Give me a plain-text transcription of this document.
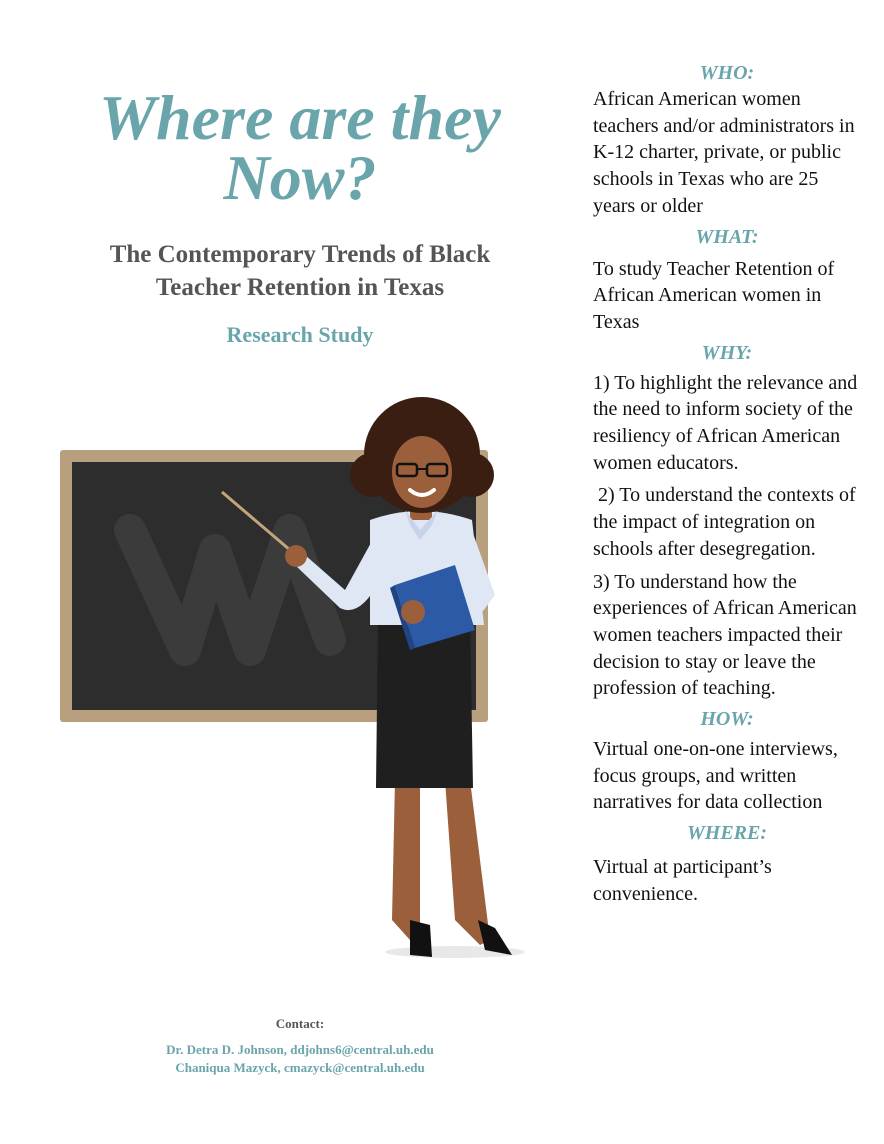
Where are they
Now?
The Contemporary Trends of Black
Teacher Retention in Texas
Research Study
Contact:
Dr. Detra D. Johnson, ddjohns6@central.uh.edu
Chaniqua Mazyck, cmazyck@central.uh.edu
WHO:
African American women teachers and/or administrators in K-12 charter, private, or public schools in Texas who are 25 years or older
WHAT:
To study Teacher Retention of African American women in Texas
WHY:
1) To highlight the relevance and the need to inform society of the resiliency of African American women educators.
2) To understand the contexts of the impact of integration on schools after desegregation.
3) To understand how the experiences of African American women teachers impacted their decision to stay or leave the profession of teaching.
HOW:
Virtual one-on-one interviews, focus groups, and written narratives for data collection
WHERE:
Virtual at participant’s convenience.
